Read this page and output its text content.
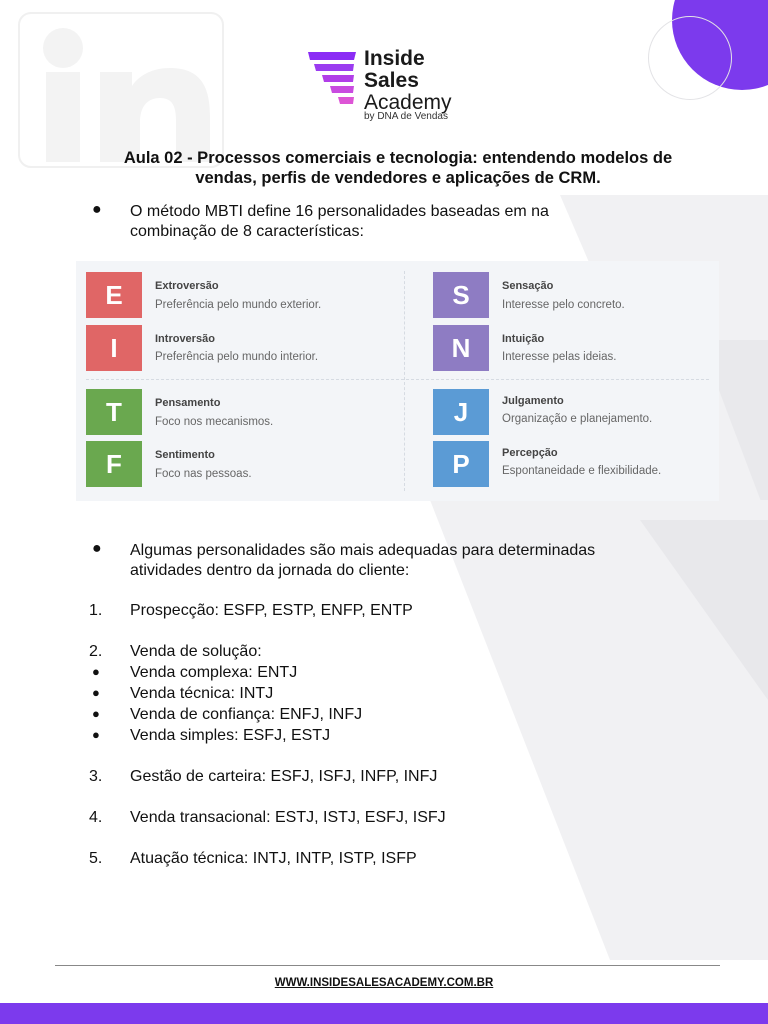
Inside
Sales
Academy
by DNA de Vendas
Aula 02 - Processos comerciais e tecnologia: entendendo modelos de
vendas, perfis de vendedores e aplicações de CRM.
● O método MBTI define 16 personalidades baseadas em na
combinação de 8 características:
E	Extroversão
Preferência pelo mundo exterior.
I	Introversão
Preferência pelo mundo interior.
S	Sensação
Interesse pelo concreto.
N	Intuição
Interesse pelas ideias.
T	Pensamento
Foco nos mecanismos.
F	Sentimento
Foco nas pessoas.
J	Julgamento
Organização e planejamento.
P	Percepção
Espontaneidade e flexibilidade.
● Algumas personalidades são mais adequadas para determinadas
atividades dentro da jornada do cliente:
1. Prospecção: ESFP, ESTP, ENFP, ENTP
2. Venda de solução:
● Venda complexa: ENTJ
● Venda técnica: INTJ
● Venda de confiança: ENFJ, INFJ
● Venda simples: ESFJ, ESTJ
3. Gestão de carteira: ESFJ, ISFJ, INFP, INFJ
4. Venda transacional: ESTJ, ISTJ, ESFJ, ISFJ
5. Atuação técnica: INTJ, INTP, ISTP, ISFP
WWW.INSIDESALESACADEMY.COM.BR
